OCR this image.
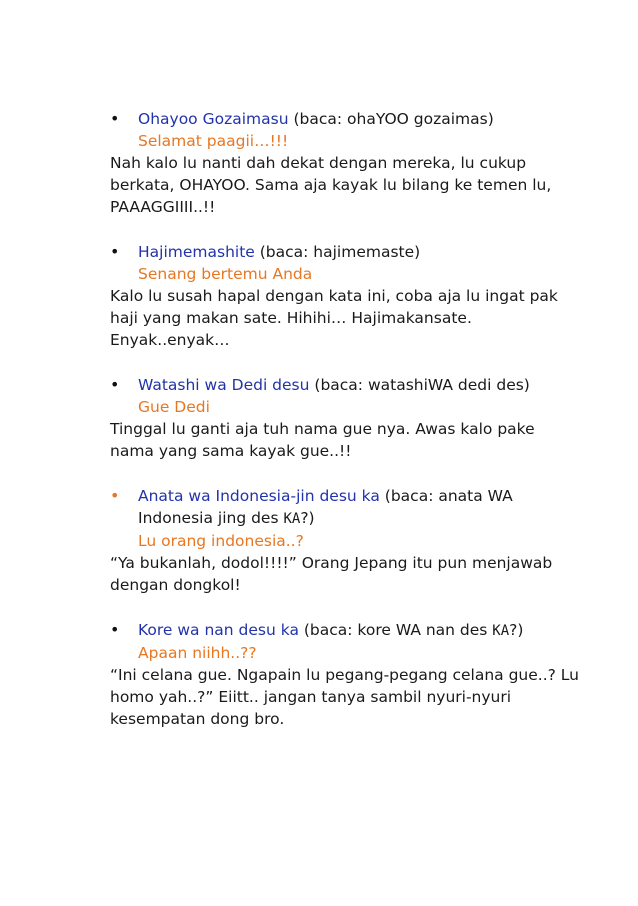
•	Ohayoo Gozaimasu (baca: ohaYOO gozaimas)
Selamat paagii…!!!

Nah kalo lu nanti dah dekat dengan mereka, lu cukup berkata, OHAYOO. Sama aja kayak lu bilang ke temen lu, PAAAGGIIII..!!

•	Hajimemashite (baca: hajimemaste)
Senang bertemu Anda

Kalo lu susah hapal dengan kata ini, coba aja lu ingat pak haji yang makan sate. Hihihi… Hajimakansate. Enyak..enyak…

•	Watashi wa Dedi desu (baca: watashiWA dedi des)
Gue Dedi

Tinggal lu ganti aja tuh nama gue nya. Awas kalo pake nama yang sama kayak gue..!!

•	Anata wa Indonesia-jin desu ka (baca: anata WA Indonesia jing des KA?)
Lu orang indonesia..?

“Ya bukanlah, dodol!!!!” Orang Jepang itu pun menjawab dengan dongkol!

•	Kore wa nan desu ka (baca: kore WA nan des KA?)
Apaan niihh..??

“Ini celana gue. Ngapain lu pegang-pegang celana gue..? Lu homo yah..?” Eiitt.. jangan tanya sambil nyuri-nyuri kesempatan dong bro.
